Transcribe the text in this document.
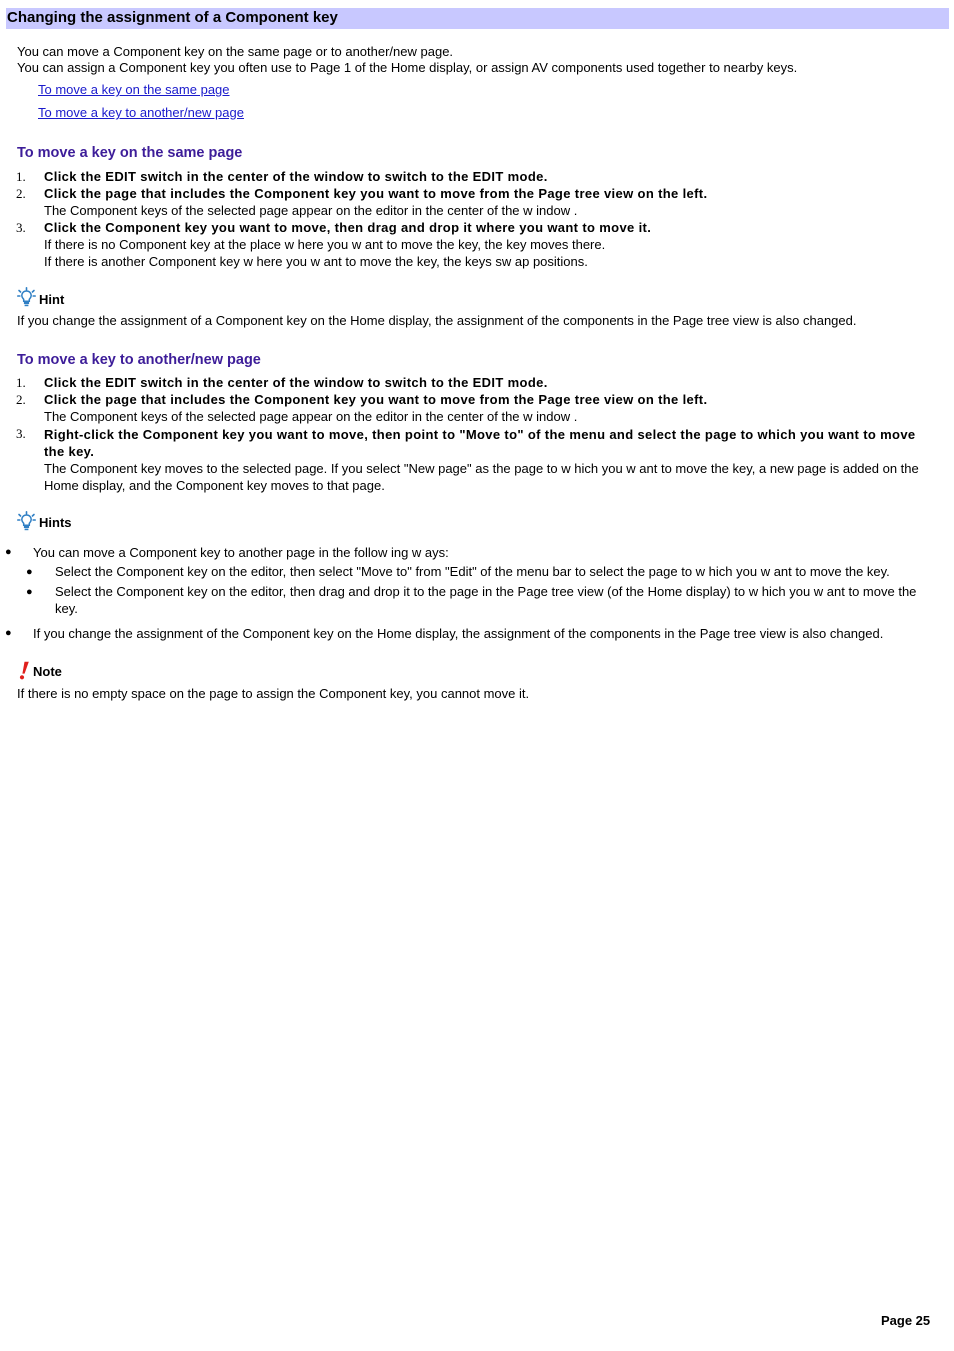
Changing the assignment of a Component key
You can move a Component key on the same page or to another/new page.
You can assign a Component key you often use to Page 1 of the Home display, or assign AV components used together to nearby keys.
To move a key on the same page
To move a key to another/new page
To move a key on the same page
1. Click the EDIT switch in the center of the window to switch to the EDIT mode.
2. Click the page that includes the Component key you want to move from the Page tree view on the left.
The Component keys of the selected page appear on the editor in the center of the w indow .
3. Click the Component key you want to move, then drag and drop it where you want to move it.
If there is no Component key at the place w here you w ant to move the key, the key moves there.
If there is another Component key w here you w ant to move the key, the keys sw ap positions.
Hint
If you change the assignment of a Component key on the Home display, the assignment of the components in the Page tree view is also changed.
To move a key to another/new page
1. Click the EDIT switch in the center of the window to switch to the EDIT mode.
2. Click the page that includes the Component key you want to move from the Page tree view on the left.
The Component keys of the selected page appear on the editor in the center of the w indow .
3. Right-click the Component key you want to move, then point to "Move to" of the menu and select the page to which you want to move the key.
The Component key moves to the selected page. If you select "New page" as the page to w hich you w ant to move the key, a new page is added on the Home display, and the Component key moves to that page.
Hints
● You can move a Component key to another page in the follow ing w ays:
● Select the Component key on the editor, then select "Move to" from "Edit" of the menu bar to select the page to w hich you w ant to move the key.
● Select the Component key on the editor, then drag and drop it to the page in the Page tree view (of the Home display) to w hich you w ant to move the key.
● If you change the assignment of the Component key on the Home display, the assignment of the components in the Page tree view is also changed.
Note
If there is no empty space on the page to assign the Component key, you cannot move it.
Page 25
